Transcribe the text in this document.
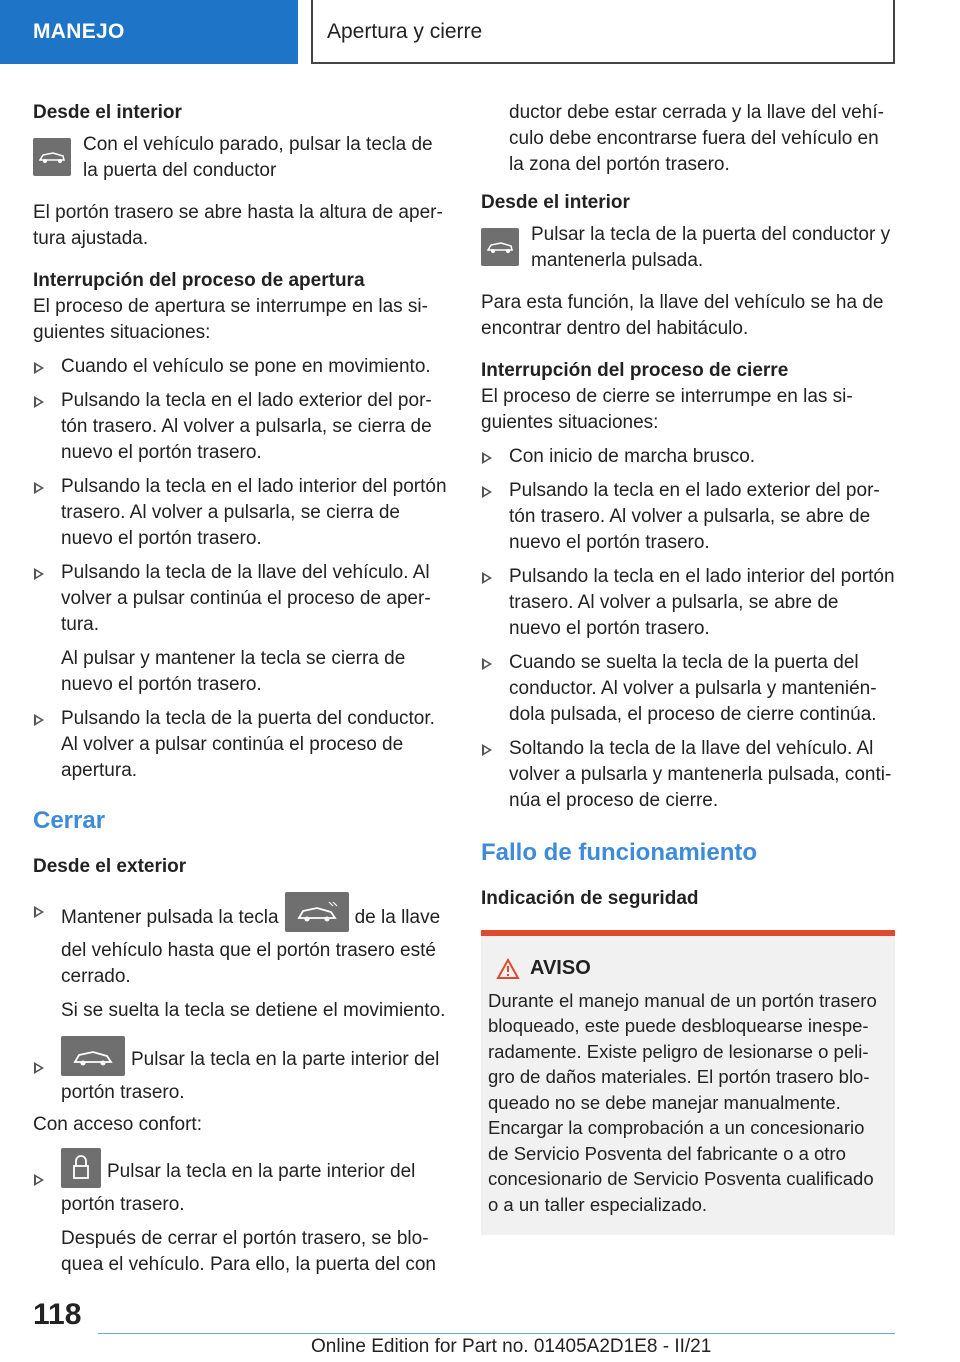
MANEJO	Apertura y cierre

Desde el interior

Con el vehículo parado, pulsar la tecla de la puerta del conductor

El portón trasero se abre hasta la altura de apertura ajustada.

Interrupción del proceso de apertura

El proceso de apertura se interrumpe en las siguientes situaciones:

Cuando el vehículo se pone en movimiento.
Pulsando la tecla en el lado exterior del portón trasero. Al volver a pulsarla, se cierra de nuevo el portón trasero.
Pulsando la tecla en el lado interior del portón trasero. Al volver a pulsarla, se cierra de nuevo el portón trasero.
Pulsando la tecla de la llave del vehículo. Al volver a pulsar continúa el proceso de apertura.

Al pulsar y mantener la tecla se cierra de nuevo el portón trasero.

Pulsando la tecla de la puerta del conductor. Al volver a pulsar continúa el proceso de apertura.

Cerrar

Desde el exterior

Mantener pulsada la tecla	de la llave del vehículo hasta que el portón trasero esté cerrado.

Si se suelta la tecla se detiene el movimiento.

Pulsar la tecla en la parte interior del portón trasero.

Con acceso confort:

Pulsar la tecla en la parte interior del portón trasero.

Después de cerrar el portón trasero, se bloquea el vehículo. Para ello, la puerta del con

ductor debe estar cerrada y la llave del vehículo debe encontrarse fuera del vehículo en la zona del portón trasero.

Desde el interior

Pulsar la tecla de la puerta del conductor y mantenerla pulsada.

Para esta función, la llave del vehículo se ha de encontrar dentro del habitáculo.

Interrupción del proceso de cierre

El proceso de cierre se interrumpe en las siguientes situaciones:

Con inicio de marcha brusco.
Pulsando la tecla en el lado exterior del portón trasero. Al volver a pulsarla, se abre de nuevo el portón trasero.
Pulsando la tecla en el lado interior del portón trasero. Al volver a pulsarla, se abre de nuevo el portón trasero.
Cuando se suelta la tecla de la puerta del conductor. Al volver a pulsarla y manteniéndola pulsada, el proceso de cierre continúa.
Soltando la tecla de la llave del vehículo. Al volver a pulsarla y mantenerla pulsada, continúa el proceso de cierre.

Fallo de funcionamiento

Indicación de seguridad

AVISO

Durante el manejo manual de un portón trasero bloqueado, este puede desbloquearse inesperadamente. Existe peligro de lesionarse o peligro de daños materiales. El portón trasero bloqueado no se debe manejar manualmente. Encargar la comprobación a un concesionario de Servicio Posventa del fabricante o a otro concesionario de Servicio Posventa cualificado o a un taller especializado.

118
Online Edition for Part no. 01405A2D1E8 - II/21
